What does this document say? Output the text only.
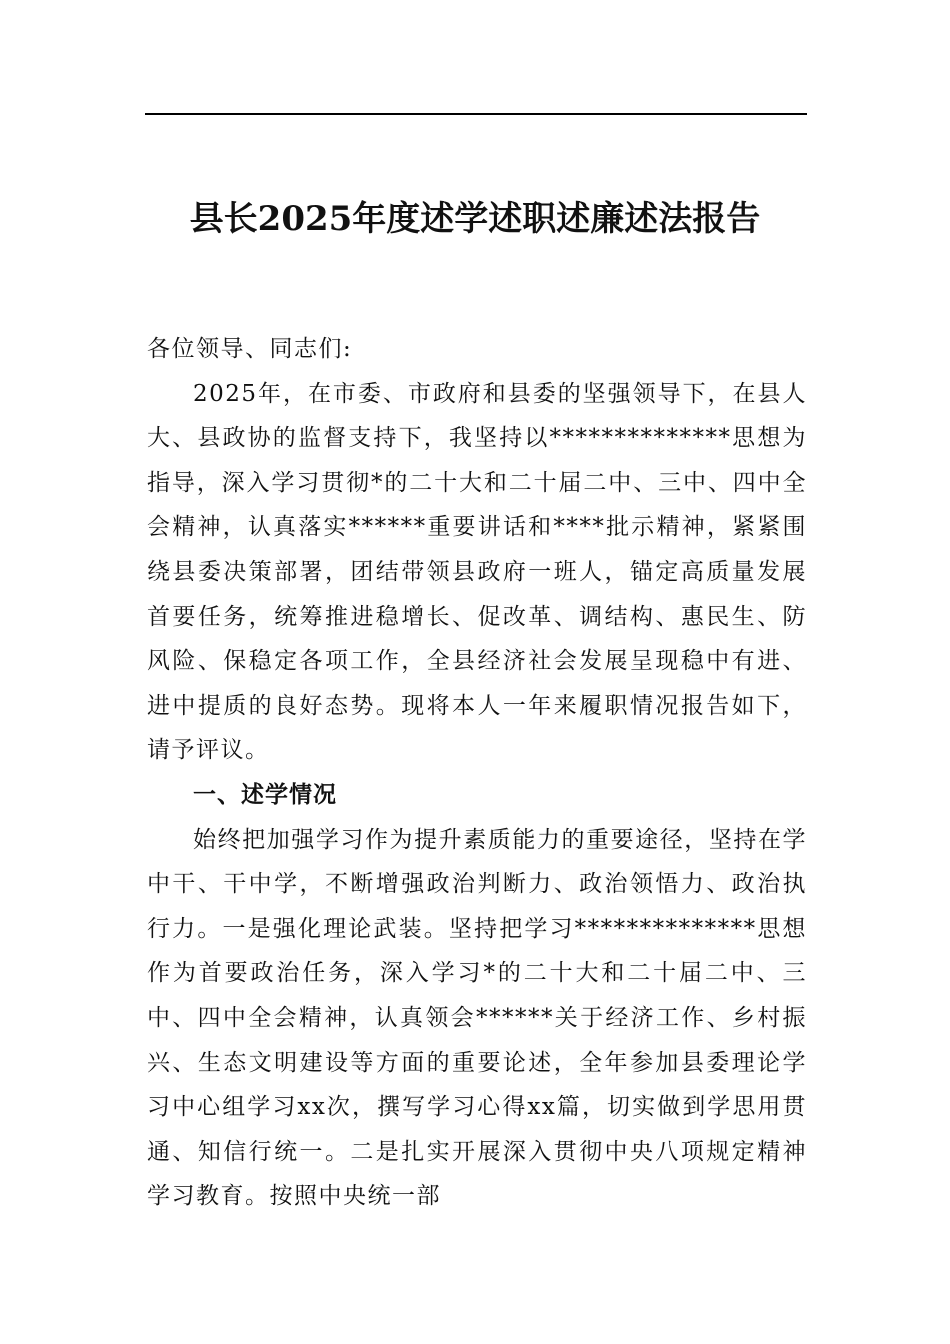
县长2025年度述学述职述廉述法报告

各位领导、同志们:

2025年，在市委、市政府和县委的坚强领导下，在县人大、县政协的监督支持下，我坚持以**************思想为指导，深入学习贯彻*的二十大和二十届二中、三中、四中全会精神，认真落实******重要讲话和****批示精神，紧紧围绕县委决策部署，团结带领县政府一班人，锚定高质量发展首要任务，统筹推进稳增长、促改革、调结构、惠民生、防风险、保稳定各项工作，全县经济社会发展呈现稳中有进、进中提质的良好态势。现将本人一年来履职情况报告如下，请予评议。

一、述学情况

始终把加强学习作为提升素质能力的重要途径，坚持在学中干、干中学，不断增强政治判断力、政治领悟力、政治执行力。一是强化理论武装。坚持把学习**************思想作为首要政治任务，深入学习*的二十大和二十届二中、三中、四中全会精神，认真领会******关于经济工作、乡村振兴、生态文明建设等方面的重要论述，全年参加县委理论学习中心组学习xx次，撰写学习心得xx篇，切实做到学思用贯通、知信行统一。二是扎实开展深入贯彻中央八项规定精神学习教育。按照中央统一部
